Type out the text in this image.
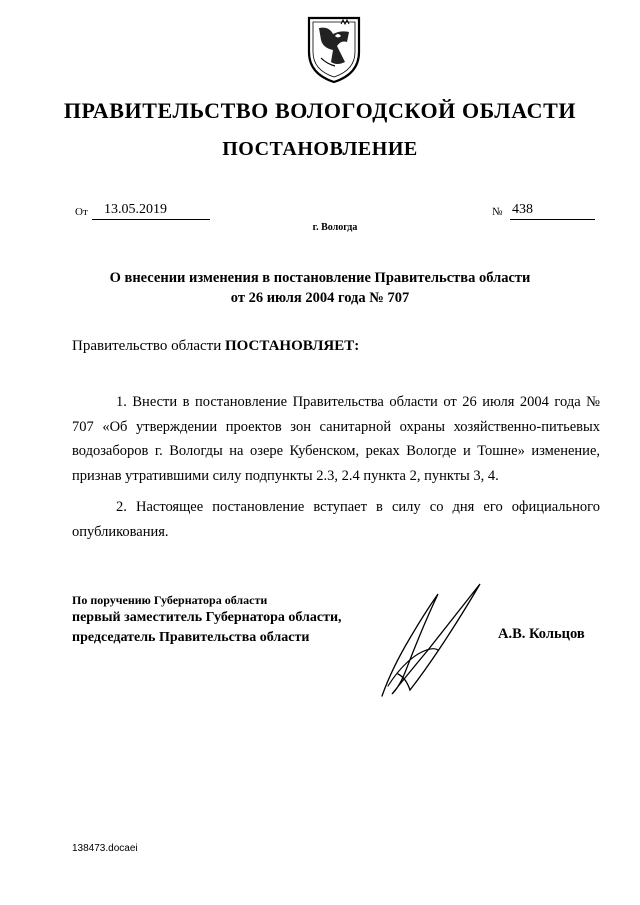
ПРАВИТЕЛЬСТВО ВОЛОГОДСКОЙ ОБЛАСТИ
ПОСТАНОВЛЕНИЕ
От	13.05.2019	№ 438
г. Вологда
О внесении изменения в постановление Правительства области
от 26 июля 2004 года № 707
Правительство области ПОСТАНОВЛЯЕТ:
1. Внести в постановление Правительства области от 26 июля 2004 года № 707 «Об утверждении проектов зон санитарной охраны хозяйственно-питьевых водозаборов г. Вологды на озере Кубенском, реках Вологде и Тошне» изменение, признав утратившими силу подпункты 2.3, 2.4 пункта 2, пункты 3, 4.
2. Настоящее постановление вступает в силу со дня его официального опубликования.
По поручению Губернатора области
первый заместитель Губернатора области,
председатель Правительства области	А.В. Кольцов
138473.docaei
